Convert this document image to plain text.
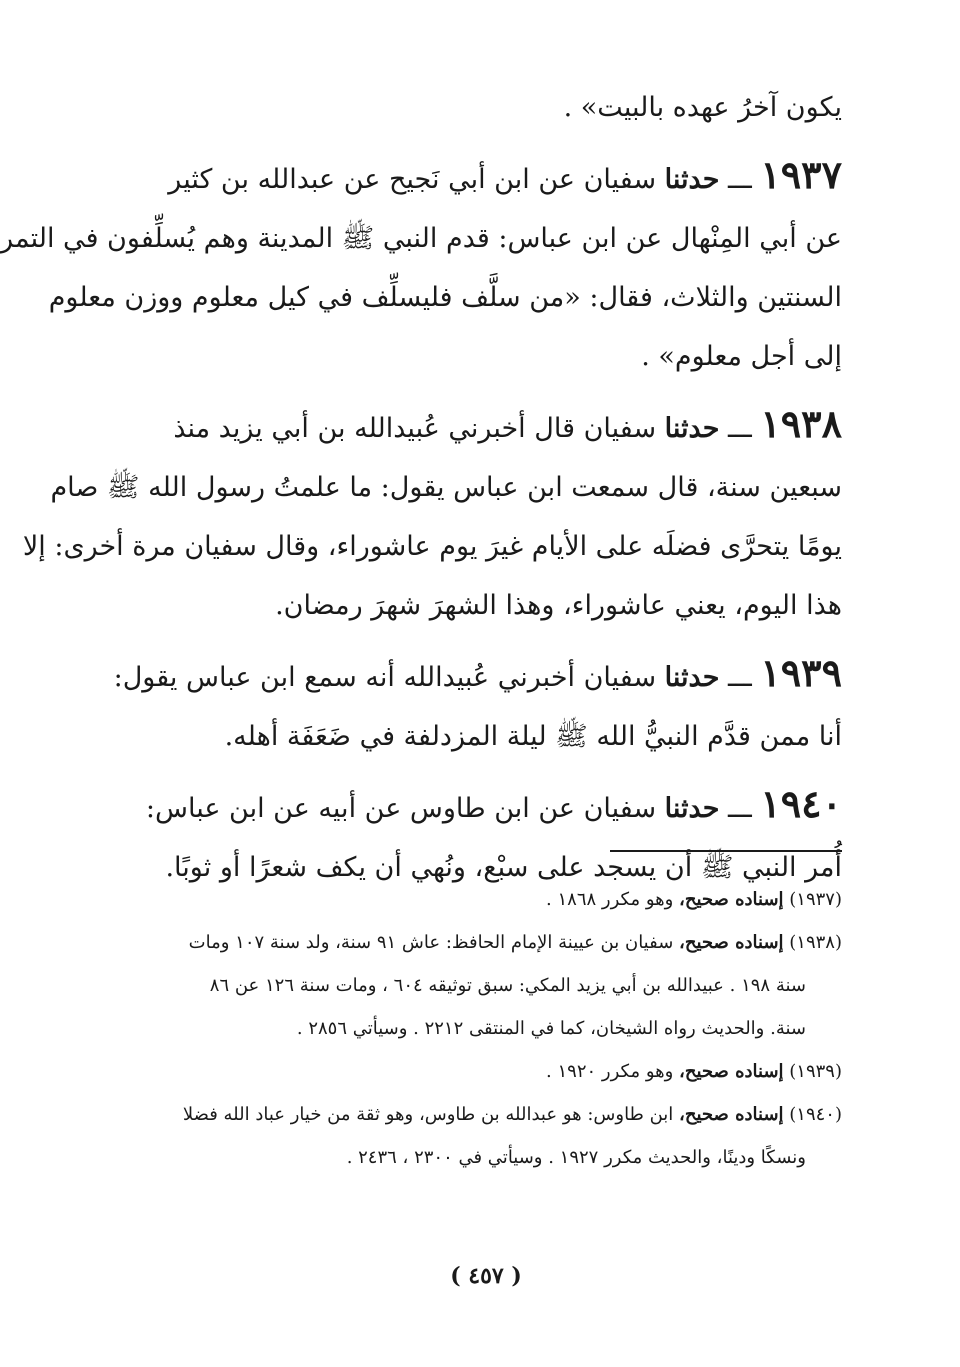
يكون آخرُ عهده بالبيت» .
١٩٣٧ ـــ حدثنا سفيان عن ابن أبي نَجيح عن عبدالله بن كثير
عن أبي المِنْهال عن ابن عباس: قدم النبي ﷺ المدينة وهم يُسلِّفون في التمر
السنتين والثلاث، فقال: «من سلَّف فليسلِّف في كيل معلوم ووزن معلوم
إلى أجل معلوم» .
١٩٣٨ ـــ حدثنا سفيان قال أخبرني عُبيدالله بن أبي يزيد منذ
سبعين سنة، قال سمعت ابن عباس يقول: ما علمتُ رسول الله ﷺ صام
يومًا يتحرَّى فضلَه على الأيام غيرَ يوم عاشوراء، وقال سفيان مرة أخرى: إلا
هذا اليوم، يعني عاشوراء، وهذا الشهرَ شهرَ رمضان.
١٩٣٩ ـــ حدثنا سفيان أخبرني عُبيدالله أنه سمع ابن عباس يقول:
أنا ممن قدَّم النبيُّ الله ﷺ ليلة المزدلفة في ضَعَفَة أهله.
١٩٤٠ ـــ حدثنا سفيان عن ابن طاوس عن أبيه عن ابن عباس:
أُمر النبي ﷺ أن يسجد على سبْع، ونُهي أن يكف شعرًا أو ثوبًا.
(١٩٣٧) إسناده صحيح، وهو مكرر ١٨٦٨ .
(١٩٣٨) إسناده صحيح، سفيان بن عيينة الإمام الحافظ: عاش ٩١ سنة، ولد سنة ١٠٧ ومات
سنة ١٩٨ . عبيدالله بن أبي يزيد المكي: سبق توثيقه ٦٠٤ ، ومات سنة ١٢٦ عن ٨٦
سنة. والحديث رواه الشيخان، كما في المنتقى ٢٢١٢ . وسيأتي ٢٨٥٦ .
(١٩٣٩) إسناده صحيح، وهو مكرر ١٩٢٠ .
(١٩٤٠) إسناده صحيح، ابن طاوس: هو عبدالله بن طاوس، وهو ثقة من خيار عباد الله فضلا
ونسكًا ودينًا، والحديث مكرر ١٩٢٧ . وسيأتي في ٢٣٠٠ ، ٢٤٣٦ .
( ٤٥٧ )
